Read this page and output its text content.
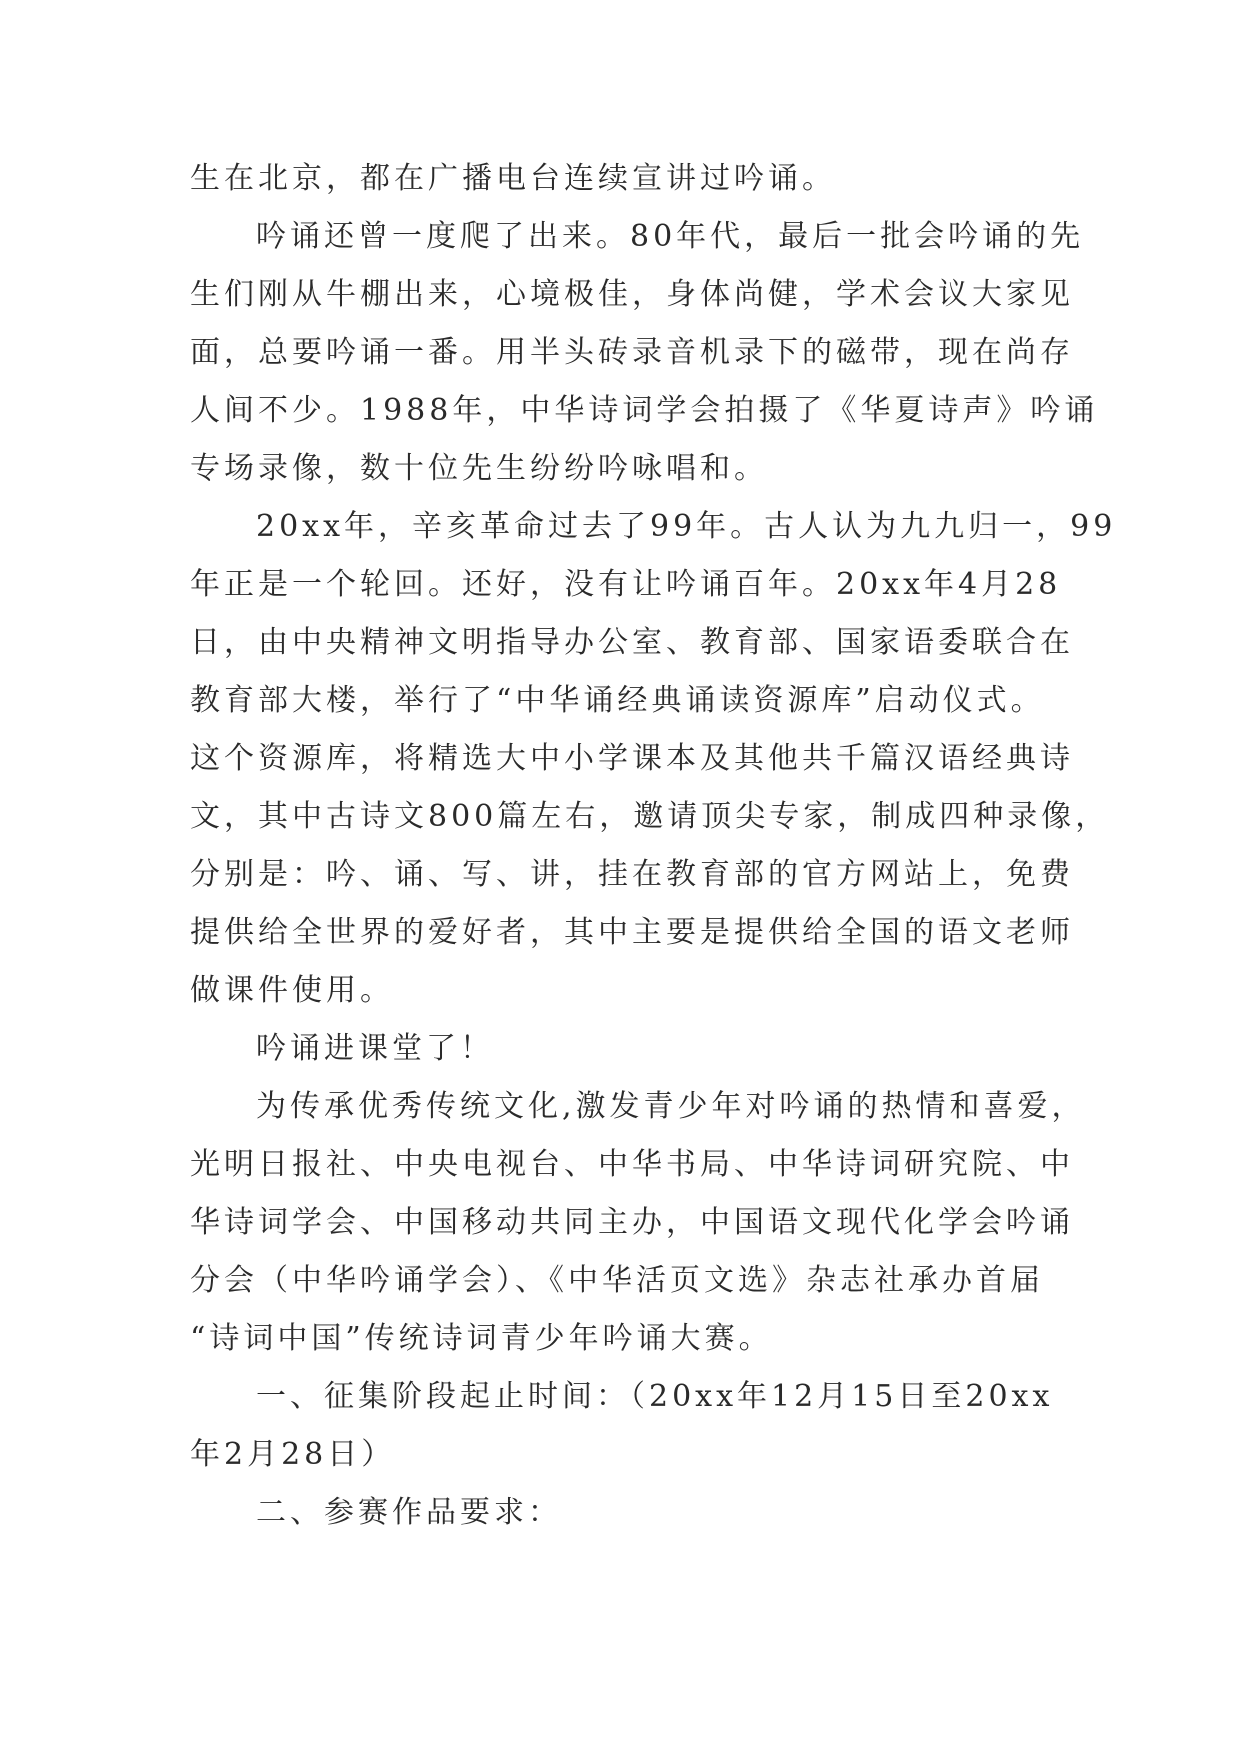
生在北京，都在广播电台连续宣讲过吟诵。
吟诵还曾一度爬了出来。80年代，最后一批会吟诵的先
生们刚从牛棚出来，心境极佳，身体尚健，学术会议大家见
面，总要吟诵一番。用半头砖录音机录下的磁带，现在尚存
人间不少。1988年，中华诗词学会拍摄了《华夏诗声》吟诵
专场录像，数十位先生纷纷吟咏唱和。
20xx年，辛亥革命过去了99年。古人认为九九归一，99
年正是一个轮回。还好，没有让吟诵百年。20xx年4月28
日，由中央精神文明指导办公室、教育部、国家语委联合在
教育部大楼，举行了“中华诵经典诵读资源库”启动仪式。
这个资源库，将精选大中小学课本及其他共千篇汉语经典诗
文，其中古诗文800篇左右，邀请顶尖专家，制成四种录像，
分别是：吟、诵、写、讲，挂在教育部的官方网站上，免费
提供给全世界的爱好者，其中主要是提供给全国的语文老师
做课件使用。
吟诵进课堂了！
为传承优秀传统文化,激发青少年对吟诵的热情和喜爱，
光明日报社、中央电视台、中华书局、中华诗词研究院、中
华诗词学会、中国移动共同主办，中国语文现代化学会吟诵
分会（中华吟诵学会）、《中华活页文选》杂志社承办首届
“诗词中国”传统诗词青少年吟诵大赛。
一、征集阶段起止时间：（20xx年12月15日至20xx
年2月28日）
二、参赛作品要求：
